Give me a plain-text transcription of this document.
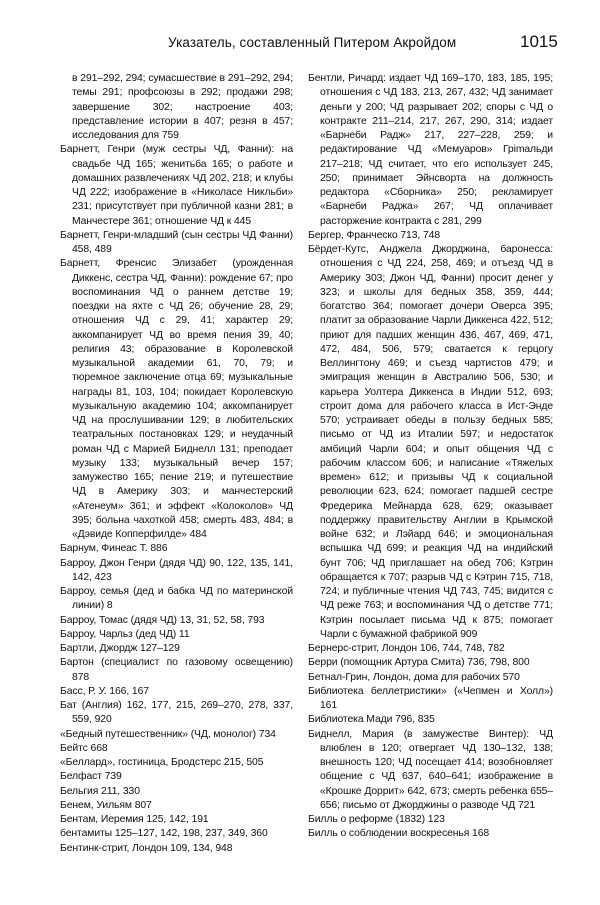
Указатель, составленный Питером Акройдом	1015

в 291–292, 294; сумасшествие в 291–292, 294; темы 291; профсоюзы в 292; продажи 298; завершение 302; настроение 403; представление истории в 407; резня в 457; исследования для 759

Барнетт, Генри (муж сестры ЧД, Фанни): на свадьбе ЧД 165; женитьба 165; о работе и домашних развлечениях ЧД 202, 218; и клубы ЧД 222; изображение в «Николасе Никльби» 231; присутствует при публичной казни 281; в Манчестере 361; отношение ЧД к 445

Барнетт, Генри-младший (сын сестры ЧД Фанни) 458, 489

Барнетт, Френсис Элизабет (урожденная Диккенс, сестра ЧД, Фанни): рождение 67; про воспоминания ЧД о раннем детстве 19; поездки на яхте с ЧД 26; обучение 28, 29; отношения ЧД с 29, 41; характер 29; аккомпанирует ЧД во время пения 39, 40; религия 43; образование в Королевской музыкальной академии 61, 70, 79; и тюремное заключение отца 69; музыкальные награды 81, 103, 104; покидает Королевскую музыкальную академию 104; аккомпанирует ЧД на прослушивании 129; в любительских театральных постановках 129; и неудачный роман ЧД с Марией Биднелл 131; преподает музыку 133; музыкальный вечер 157; замужество 165; пение 219; и путешествие ЧД в Америку 303; и манчестерский «Атенеум» 361; и эффект «Колоколов» ЧД 395; больна чахоткой 458; смерть 483, 484; в «Дэвиде Копперфилде» 484

Барнум, Финеас Т. 886

Барроу, Джон Генри (дядя ЧД) 90, 122, 135, 141, 142, 423

Барроу, семья (дед и бабка ЧД по материнской линии) 8

Барроу, Томас (дядя ЧД) 13, 31, 52, 58, 793

Барроу, Чарльз (дед ЧД) 11

Бартли, Джордж 127–129

Бартон (специалист по газовому освещению) 878

Басс, Р. У. 166, 167

Бат (Англия) 162, 177, 215, 269–270, 278, 337, 559, 920

«Бедный путешественник» (ЧД, монолог) 734

Бейтс 668

«Беллард», гостиница, Бродстерс 215, 505

Белфаст 739

Бельгия 211, 330

Бенем, Уильям 807

Бентам, Иеремия 125, 142, 191

бентамиты 125–127, 142, 198, 237, 349, 360

Бентинк-стрит, Лондон 109, 134, 948

Бентли, Ричард: издает ЧД 169–170, 183, 185, 195; отношения с ЧД 183, 213, 267, 432; ЧД занимает деньги у 200; ЧД разрывает 202; споры с ЧД о контракте 211–214, 217, 267, 290, 314; издает «Барнеби Радж» 217, 227–228, 259; и редактирование ЧД «Мемуаров» Грimaльди 217–218; ЧД считает, что его использует 245, 250; принимает Эйнсворта на должность редактора «Сборника» 250; рекламирует «Барнеби Раджа» 267; ЧД оплачивает расторжение контракта с 281, 299

Бергер, Франческо 713, 748

Бёрдет-Кутс, Анджела Джорджина, баронесса: отношения с ЧД 224, 258, 469; и отъезд ЧД в Америку 303; Джон ЧД, Фанни) просит денег у 323; и школы для бедных 358, 359, 444; богатство 364; помогает дочери Оверса 395; платит за образование Чарли Диккенса 422, 512; приют для падших женщин 436, 467, 469, 471, 472, 484, 506, 579; сватается к герцогу Веллингтону 469; и съезд чартистов 479; и эмиграция женщин в Австралию 506, 530; и карьера Уолтера Диккенса в Индии 512, 693; строит дома для рабочего класса в Ист-Энде 570; устраивает обеды в пользу бедных 585; письмо от ЧД из Италии 597; и недостаток амбиций Чарли 604; и опыт общения ЧД с рабочим классом 606; и написание «Тяжелых времен» 612; и призывы ЧД к социальной революции 623, 624; помогает падшей сестре Фредерика Мейнарда 628, 629; оказывает поддержку правительству Англии в Крымской войне 632; и Лэйард 646; и эмоциональная вспышка ЧД 699; и реакция ЧД на индийский бунт 706; ЧД приглашает на обед 706; Кэтрин обращается к 707; разрыв ЧД с Кэтрин 715, 718, 724; и публичные чтения ЧД 743, 745; видится с ЧД реже 763; и воспоминания ЧД о детстве 771; Кэтрин посылает письма ЧД к 875; помогает Чарли с бумажной фабрикой 909

Бернерс-стрит, Лондон 106, 744, 748, 782

Берри (помощник Артура Смита) 736, 798, 800

Бетнал-Грин, Лондон, дома для рабочих 570

Библиотека беллетристики» («Чепмен и Холл») 161

Библиотека Мади 796, 835

Биднелл, Мария (в замужестве Винтер): ЧД влюблен в 120; отвергает ЧД 130–132, 138; внешность 120; ЧД посещает 414; возобновляет общение с ЧД 637, 640–641; изображение в «Крошке Доррит» 642, 673; смерть ребенка 655–656; письмо от Джорджины о разводе ЧД 721

Билль о реформе (1832) 123

Билль о соблюдении воскресенья 168
